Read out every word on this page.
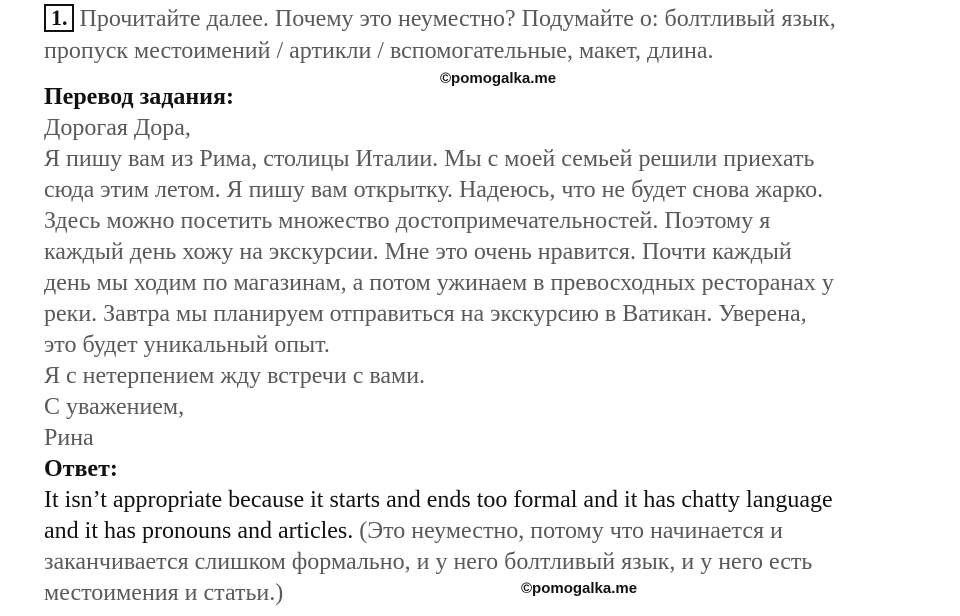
1. Прочитайте далее. Почему это неуместно? Подумайте о: болтливый язык,
пропуск местоимений / артикли / вспомогательные, макет, длина.
©pomogalka.me
Перевод задания:
Дорогая Дора,
Я пишу вам из Рима, столицы Италии. Мы с моей семьей решили приехать
сюда этим летом. Я пишу вам открытку. Надеюсь, что не будет снова жарко.
Здесь можно посетить множество достопримечательностей. Поэтому я
каждый день хожу на экскурсии. Мне это очень нравится. Почти каждый
день мы ходим по магазинам, а потом ужинаем в превосходных ресторанах у
реки. Завтра мы планируем отправиться на экскурсию в Ватикан. Уверена,
это будет уникальный опыт.
Я с нетерпением жду встречи с вами.
С уважением,
Рина
Ответ:
It isn’t appropriate because it starts and ends too formal and it has chatty language
and it has pronouns and articles. (Это неуместно, потому что начинается и
заканчивается слишком формально, и у него болтливый язык, и у него есть
местоимения и статьи.)	©pomogalka.me
